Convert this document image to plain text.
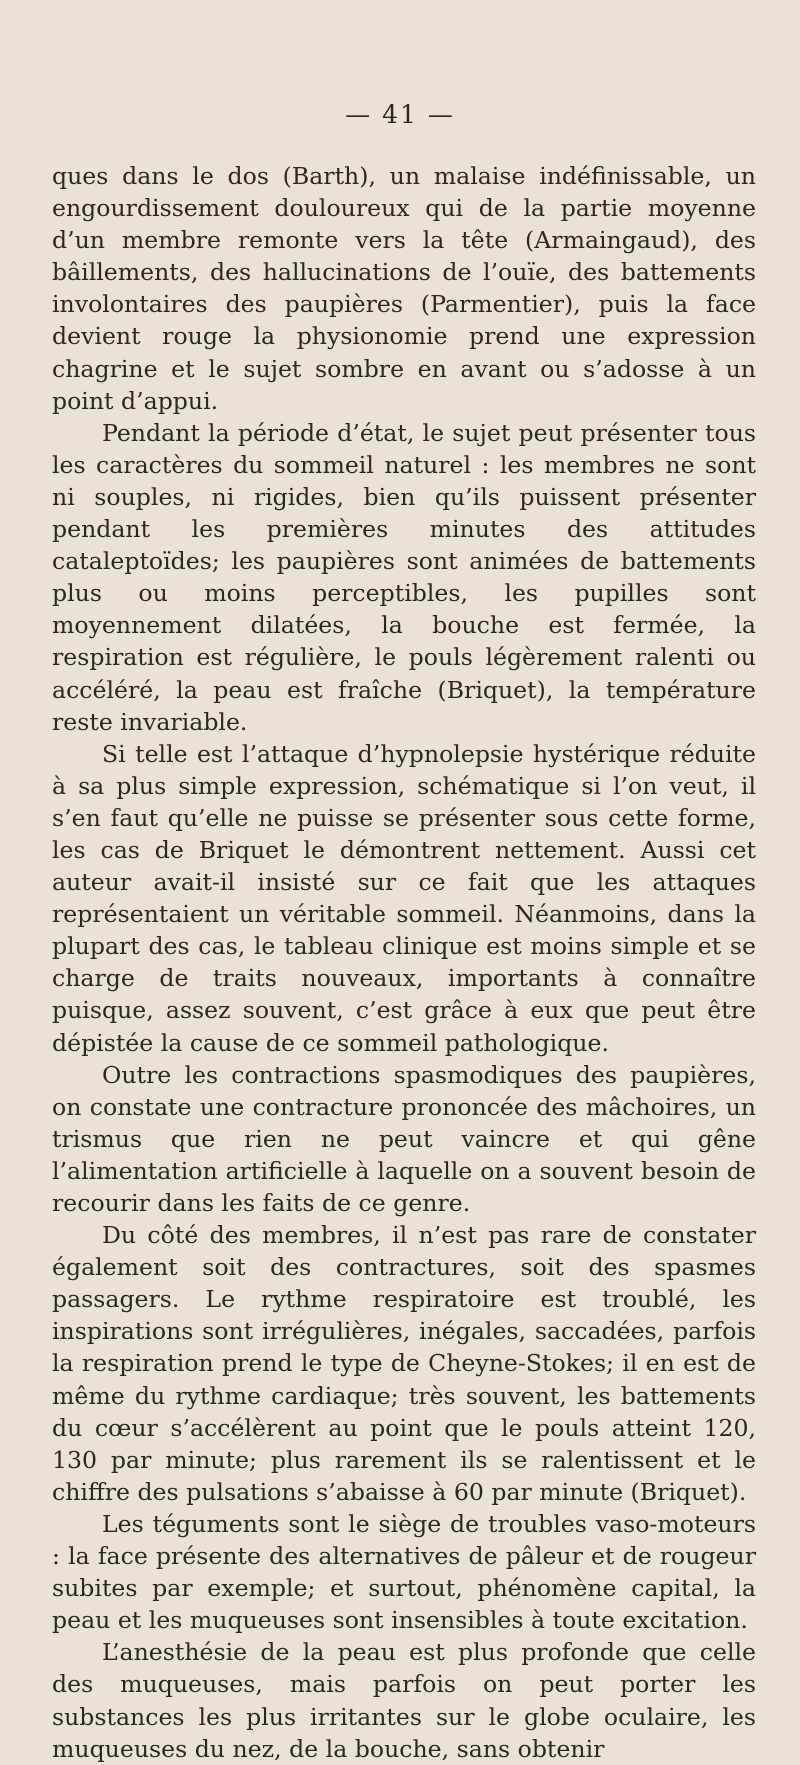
— 41 —

ques dans le dos (Barth), un malaise indéfinissable, un engourdissement douloureux qui de la partie moyenne d’un membre remonte vers la tête (Armaingaud), des bâillements, des hallucinations de l’ouïe, des battements involontaires des paupières (Parmentier), puis la face devient rouge la physionomie prend une expression chagrine et le sujet sombre en avant ou s’adosse à un point d’appui.

Pendant la période d’état, le sujet peut présenter tous les caractères du sommeil naturel : les membres ne sont ni souples, ni rigides, bien qu’ils puissent présenter pendant les premières minutes des attitudes cataleptoïdes; les paupières sont animées de battements plus ou moins perceptibles, les pupilles sont moyennement dilatées, la bouche est fermée, la respiration est régulière, le pouls légèrement ralenti ou accéléré, la peau est fraîche (Briquet), la température reste invariable.

Si telle est l’attaque d’hypnolepsie hystérique réduite à sa plus simple expression, schématique si l’on veut, il s’en faut qu’elle ne puisse se présenter sous cette forme, les cas de Briquet le démontrent nettement. Aussi cet auteur avait-il insisté sur ce fait que les attaques représentaient un véritable sommeil. Néanmoins, dans la plupart des cas, le tableau clinique est moins simple et se charge de traits nouveaux, importants à connaître puisque, assez souvent, c’est grâce à eux que peut être dépistée la cause de ce sommeil pathologique.

Outre les contractions spasmodiques des paupières, on constate une contracture prononcée des mâchoires, un trismus que rien ne peut vaincre et qui gêne l’alimentation artificielle à laquelle on a souvent besoin de recourir dans les faits de ce genre.

Du côté des membres, il n’est pas rare de constater également soit des contractures, soit des spasmes passagers. Le rythme respiratoire est troublé, les inspirations sont irrégulières, inégales, saccadées, parfois la respiration prend le type de Cheyne-Stokes; il en est de même du rythme cardiaque; très souvent, les battements du cœur s’accélèrent au point que le pouls atteint 120, 130 par minute; plus rarement ils se ralentissent et le chiffre des pulsations s’abaisse à 60 par minute (Briquet).

Les téguments sont le siège de troubles vaso-moteurs : la face présente des alternatives de pâleur et de rougeur subites par exemple; et surtout, phénomène capital, la peau et les muqueuses sont insensibles à toute excitation.

L’anesthésie de la peau est plus profonde que celle des muqueuses, mais parfois on peut porter les substances les plus irritantes sur le globe oculaire, les muqueuses du nez, de la bouche, sans obtenir
